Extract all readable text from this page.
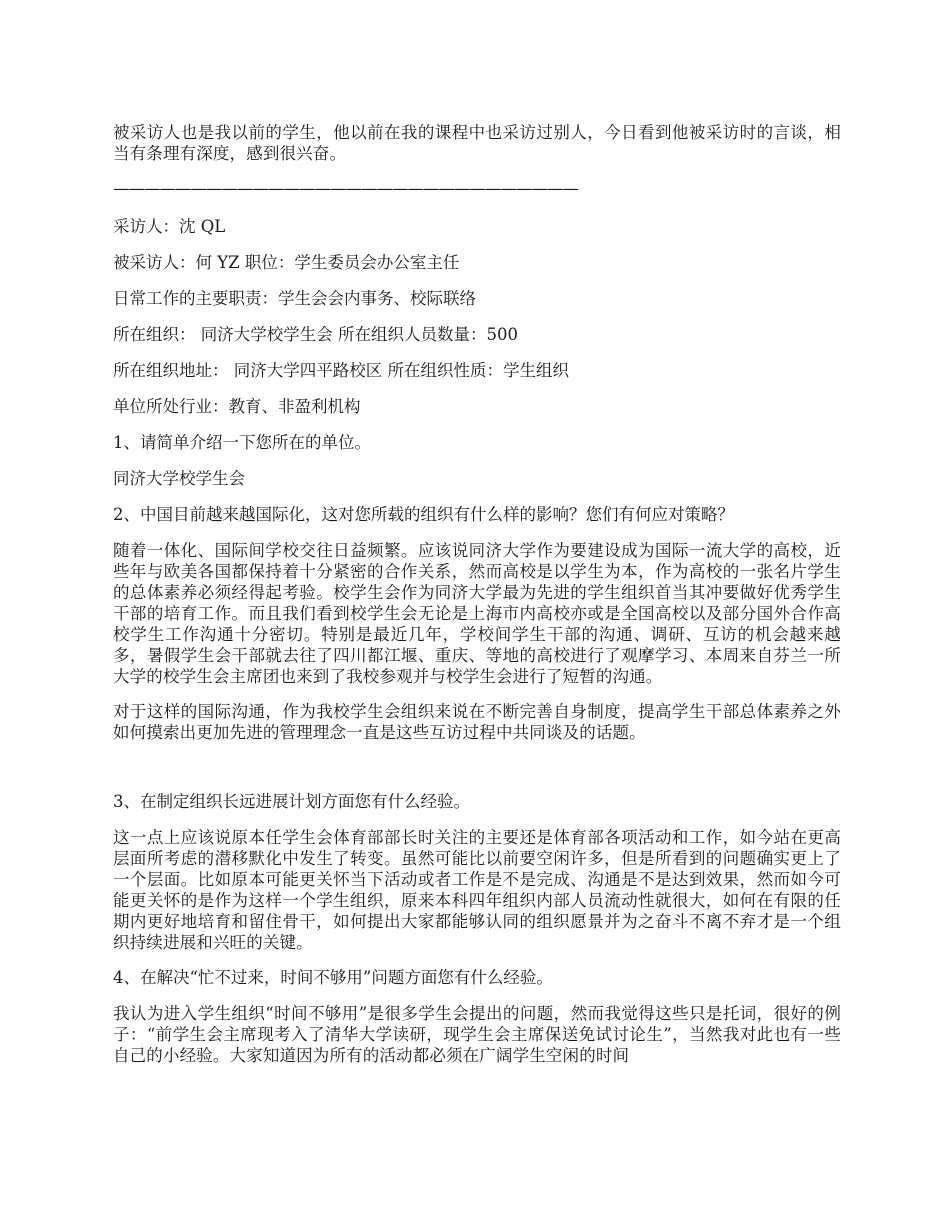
被采访人也是我以前的学生，他以前在我的课程中也采访过别人，今日看到他被采访时的言谈，相当有条理有深度，感到很兴奋。

——————————————————————————————
采访人：沈 QL
被采访人：何 YZ 职位：学生委员会办公室主任
日常工作的主要职责：学生会会内事务、校际联络
所在组织： 同济大学校学生会 所在组织人员数量：500
所在组织地址： 同济大学四平路校区 所在组织性质：学生组织
单位所处行业：教育、非盈利机构
1、请简单介绍一下您所在的单位。
同济大学校学生会
2、中国目前越来越国际化，这对您所载的组织有什么样的影响？您们有何应对策略？

随着一体化、国际间学校交往日益频繁。应该说同济大学作为要建设成为国际一流大学的高校，近些年与欧美各国都保持着十分紧密的合作关系，然而高校是以学生为本，作为高校的一张名片学生的总体素养必须经得起考验。校学生会作为同济大学最为先进的学生组织首当其冲要做好优秀学生干部的培育工作。而且我们看到校学生会无论是上海市内高校亦或是全国高校以及部分国外合作高校学生工作沟通十分密切。特别是最近几年，学校间学生干部的沟通、调研、互访的机会越来越多，暑假学生会干部就去往了四川都江堰、重庆、等地的高校进行了观摩学习、本周来自芬兰一所大学的校学生会主席团也来到了我校参观并与校学生会进行了短暂的沟通。

对于这样的国际沟通，作为我校学生会组织来说在不断完善自身制度，提高学生干部总体素养之外如何摸索出更加先进的管理理念一直是这些互访过程中共同谈及的话题。

3、在制定组织长远进展计划方面您有什么经验。

这一点上应该说原本任学生会体育部部长时关注的主要还是体育部各项活动和工作，如今站在更高层面所考虑的潜移默化中发生了转变。虽然可能比以前要空闲许多，但是所看到的问题确实更上了一个层面。比如原本可能更关怀当下活动或者工作是不是完成、沟通是不是达到效果，然而如今可能更关怀的是作为这样一个学生组织，原来本科四年组织内部人员流动性就很大，如何在有限的任期内更好地培育和留住骨干，如何提出大家都能够认同的组织愿景并为之奋斗不离不弃才是一个组织持续进展和兴旺的关键。

4、在解决“忙不过来，时间不够用”问题方面您有什么经验。

我认为进入学生组织“时间不够用”是很多学生会提出的问题，然而我觉得这些只是托词，很好的例子：“前学生会主席现考入了清华大学读研，现学生会主席保送免试讨论生”，当然我对此也有一些自己的小经验。大家知道因为所有的活动都必须在广阔学生空闲的时间
